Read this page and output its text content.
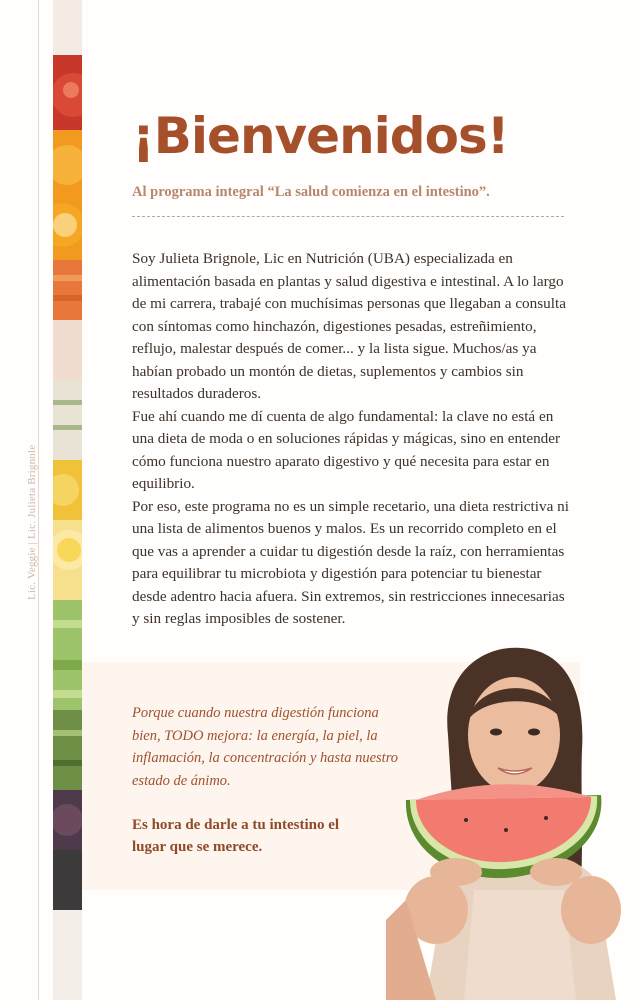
Lic. Veggie | Lic. Julieta Brignole
¡Bienvenidos!

Al programa integral “La salud comienza en el intestino”.

Soy Julieta Brignole, Lic en Nutrición (UBA) especializada en alimentación basada en plantas y salud digestiva e intestinal. A lo largo de mi carrera, trabajé con muchísimas personas que llegaban a consulta con síntomas como hinchazón, digestiones pesadas, estreñimiento, reflujo, malestar después de comer... y la lista sigue. Muchos/as ya habían probado un montón de dietas, suplementos y cambios sin resultados duraderos.

Fue ahí cuando me dí cuenta de algo fundamental: la clave no está en una dieta de moda o en soluciones rápidas y mágicas, sino en entender cómo funciona nuestro aparato digestivo y qué necesita para estar en equilibrio.

Por eso, este programa no es un simple recetario, una dieta restrictiva ni una lista de alimentos buenos y malos. Es un recorrido completo en el que vas a aprender a cuidar tu digestión desde la raíz, con herramientas para equilibrar tu microbiota y digestión para potenciar tu bienestar desde adentro hacia afuera. Sin extremos, sin restricciones innecesarias y sin reglas imposibles de sostener.

Porque cuando nuestra digestión funciona bien, TODO mejora: la energía, la piel, la inflamación, la concentración y hasta nuestro estado de ánimo.

Es hora de darle a tu intestino el lugar que se merece.
